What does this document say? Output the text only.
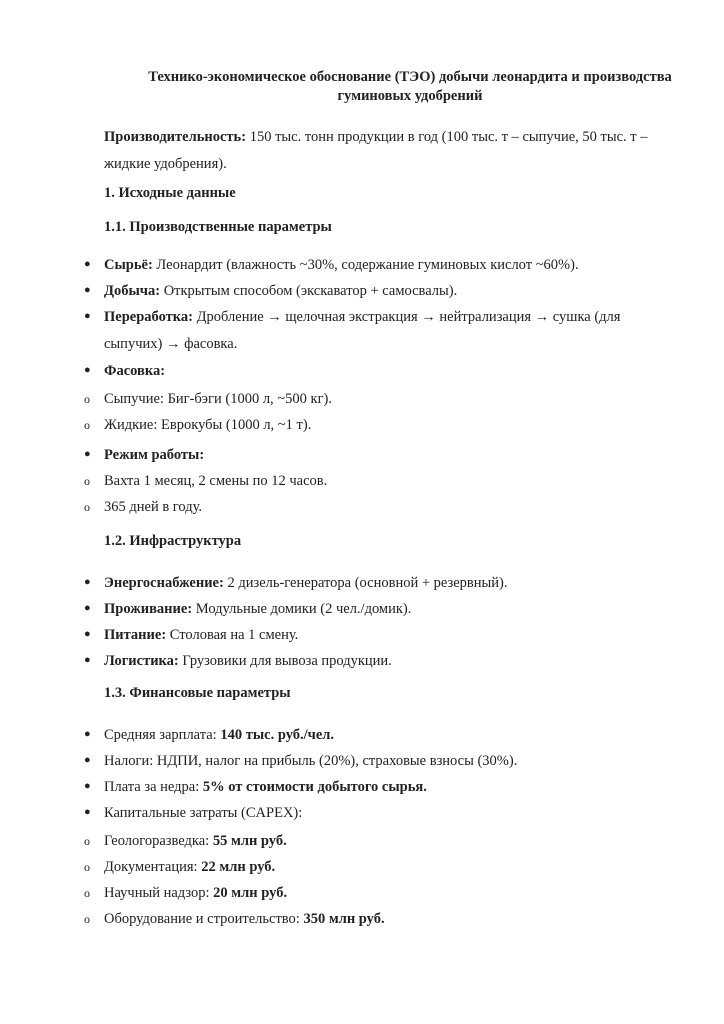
Технико-экономическое обоснование (ТЭО) добычи леонардита и производства
гуминовых удобрений
Производительность: 150 тыс. тонн продукции в год (100 тыс. т – сыпучие, 50 тыс. т – жидкие удобрения).
1. Исходные данные
1.1. Производственные параметры
● Сырьё: Леонардит (влажность ~30%, содержание гуминовых кислот ~60%).
● Добыча: Открытым способом (экскаватор + самосвалы).
● Переработка: Дробление → щелочная экстракция → нейтрализация → сушка (для сыпучих) → фасовка.
● Фасовка:
o Сыпучие: Биг-бэги (1000 л, ~500 кг).
o Жидкие: Еврокубы (1000 л, ~1 т).
● Режим работы:
o Вахта 1 месяц, 2 смены по 12 часов.
o 365 дней в году.
1.2. Инфраструктура
● Энергоснабжение: 2 дизель-генератора (основной + резервный).
● Проживание: Модульные домики (2 чел./домик).
● Питание: Столовая на 1 смену.
● Логистика: Грузовики для вывоза продукции.
1.3. Финансовые параметры
● Средняя зарплата: 140 тыс. руб./чел.
● Налоги: НДПИ, налог на прибыль (20%), страховые взносы (30%).
● Плата за недра: 5% от стоимости добытого сырья.
● Капитальные затраты (CAPEX):
o Геологоразведка: 55 млн руб.
o Документация: 22 млн руб.
o Научный надзор: 20 млн руб.
o Оборудование и строительство: 350 млн руб.
